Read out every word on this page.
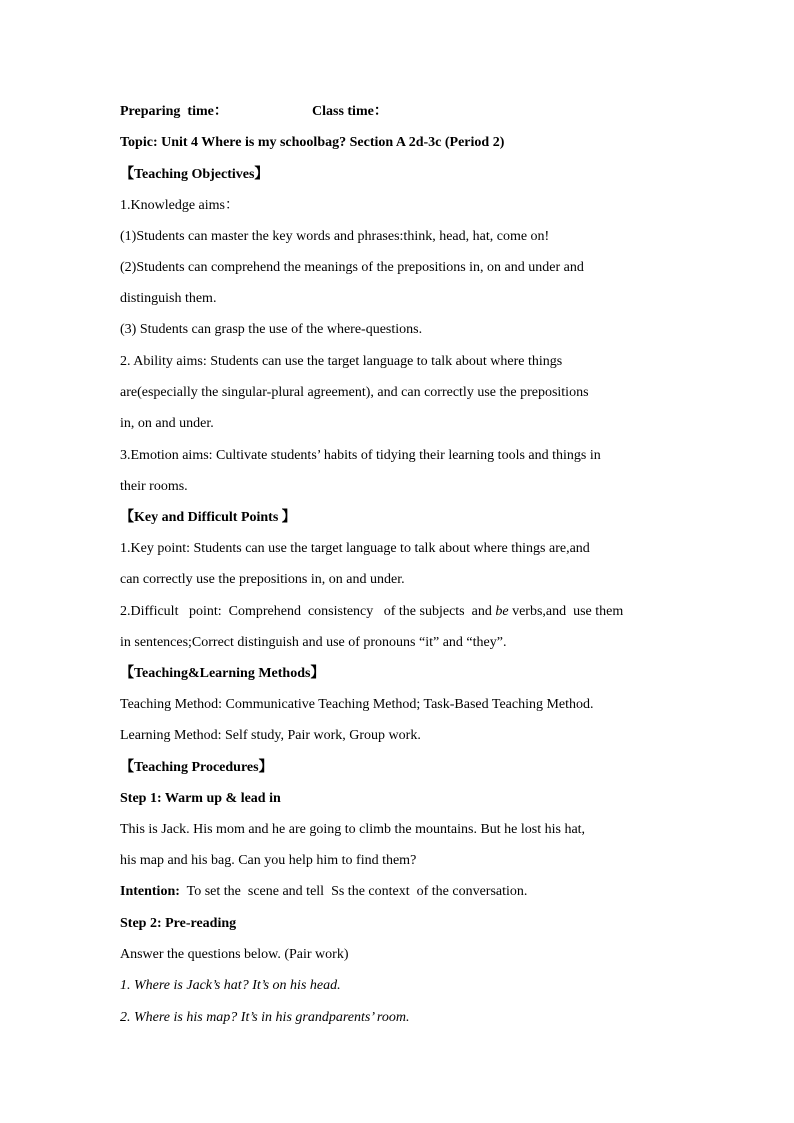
Preparing  time：	Class time：
Topic: Unit 4 Where is my schoolbag? Section A 2d-3c (Period 2)
【Teaching Objectives】
1.Knowledge aims：
(1)Students can master the key words and phrases:think, head, hat, come on!
(2)Students can comprehend the meanings of the prepositions in, on and under and
distinguish them.
(3) Students can grasp the use of the where-questions.
2. Ability aims: Students can use the target language to talk about where things
are(especially the singular-plural agreement), and can correctly use the prepositions
in, on and under.
3.Emotion aims: Cultivate students’ habits of tidying their learning tools and things in
their rooms.
【Key and Difficult Points 】
1.Key point: Students can use the target language to talk about where things are,and
can correctly use the prepositions in, on and under.
2.Difficult   point:  Comprehend  consistency   of the subjects  and be verbs,and  use them
in sentences;Correct distinguish and use of pronouns “it” and “they”.
【Teaching&Learning Methods】
Teaching Method: Communicative Teaching Method; Task-Based Teaching Method.
Learning Method: Self study, Pair work, Group work.
【Teaching Procedures】
Step 1: Warm up & lead in
This is Jack. His mom and he are going to climb the mountains. But he lost his hat,
his map and his bag. Can you help him to find them?
Intention:  To set the  scene and tell  Ss the context  of the conversation.
Step 2: Pre-reading
Answer the questions below. (Pair work)
1. Where is Jack’s hat? It’s on his head.
2. Where is his map? It’s in his grandparents’ room.
